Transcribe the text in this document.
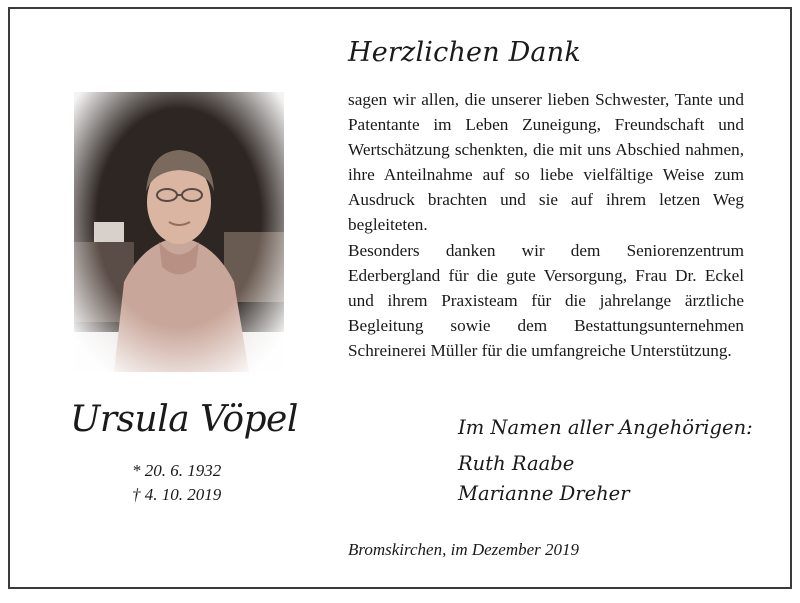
Herzlichen Dank

sagen wir allen, die unserer lieben Schwester, Tante und Patentante im Leben Zuneigung, Freundschaft und Wertschätzung schenkten, die mit uns Abschied nahmen, ihre Anteilnahme auf so liebe vielfältige Weise zum Ausdruck brachten und sie auf ihrem letzen Weg begleiteten.

Besonders danken wir dem Seniorenzentrum Ederbergland für die gute Versorgung, Frau Dr. Eckel und ihrem Praxisteam für die jahrelange ärztliche Begleitung sowie dem Bestattungsunternehmen Schreinerei Müller für die umfangreiche Unterstützung.

Ursula Vöpel
* 20. 6. 1932
† 4. 10. 2019
Im Namen aller Angehörigen:
Ruth Raabe
Marianne Dreher
Bromskirchen, im Dezember 2019
